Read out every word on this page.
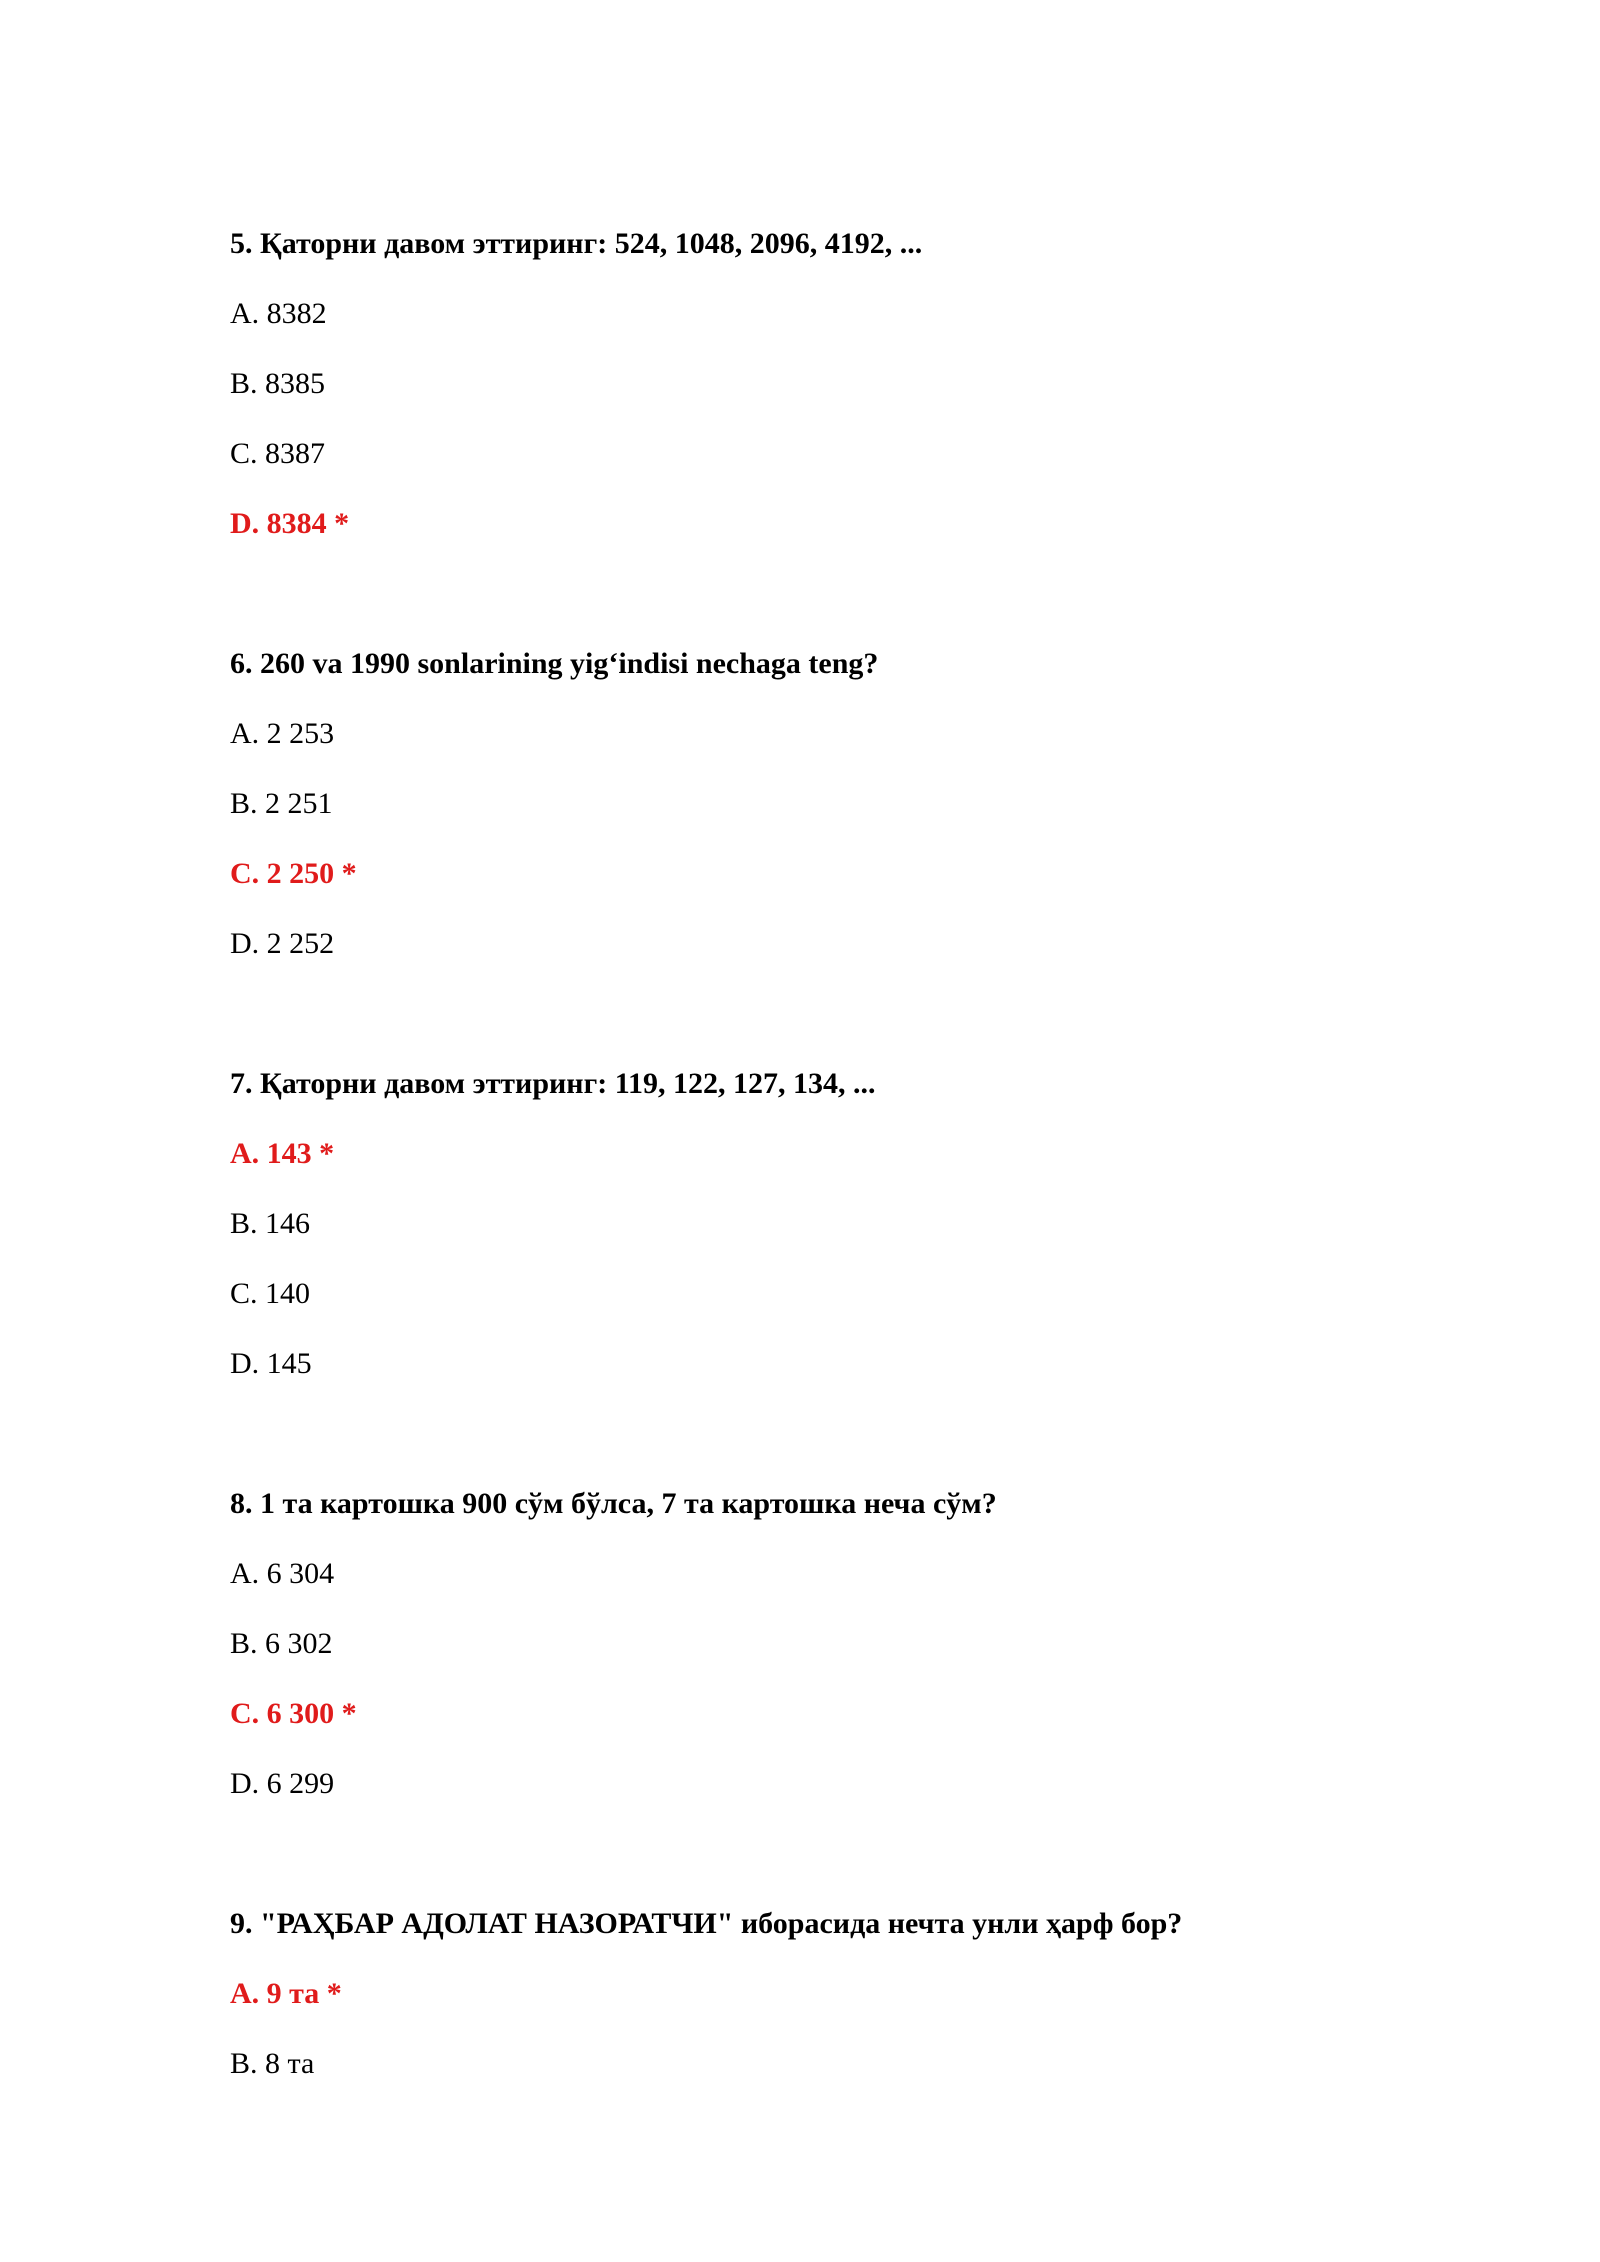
5. Қаторни давом эттиринг: 524, 1048, 2096, 4192, ...
A. 8382
B. 8385
C. 8387
D. 8384 *
6. 260 va 1990 sonlarining yig‘indisi nechaga teng?
A. 2 253
B. 2 251
C. 2 250 *
D. 2 252
7. Қаторни давом эттиринг: 119, 122, 127, 134, ...
A. 143 *
B. 146
C. 140
D. 145
8. 1 та картошка 900 сўм бўлса, 7 та картошка неча сўм?
A. 6 304
B. 6 302
C. 6 300 *
D. 6 299
9. "РАҲБАР АДОЛАТ НАЗОРАТЧИ" иборасида нечта унли ҳарф бор?
A. 9 та *
B. 8 та
